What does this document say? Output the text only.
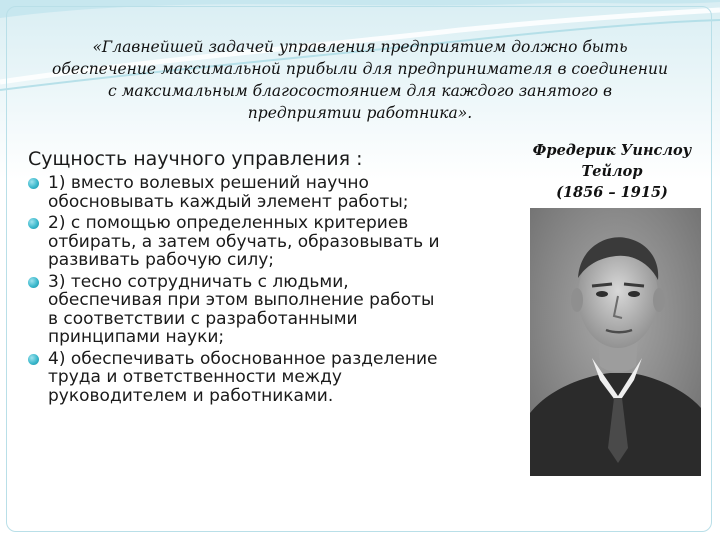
«Главнейшей задачей управления предприятием должно быть
обеспечение максимальной прибыли для предпринимателя в соединении
с максимальным благосостоянием для каждого занятого в
предприятии работника».
Сущность научного управления :
1) вместо волевых решений научно
обосновывать каждый элемент работы;
2) с помощью определенных критериев
отбирать, а затем обучать, образовывать и
развивать рабочую силу;
3) тесно сотрудничать с людьми,
обеспечивая при этом выполнение работы
в соответствии с разработанными
принципами науки;
4) обеспечивать обоснованное разделение
труда и ответственности между
руководителем и работниками.
Фредерик Уинслоу
Тейлор
(1856 – 1915)
